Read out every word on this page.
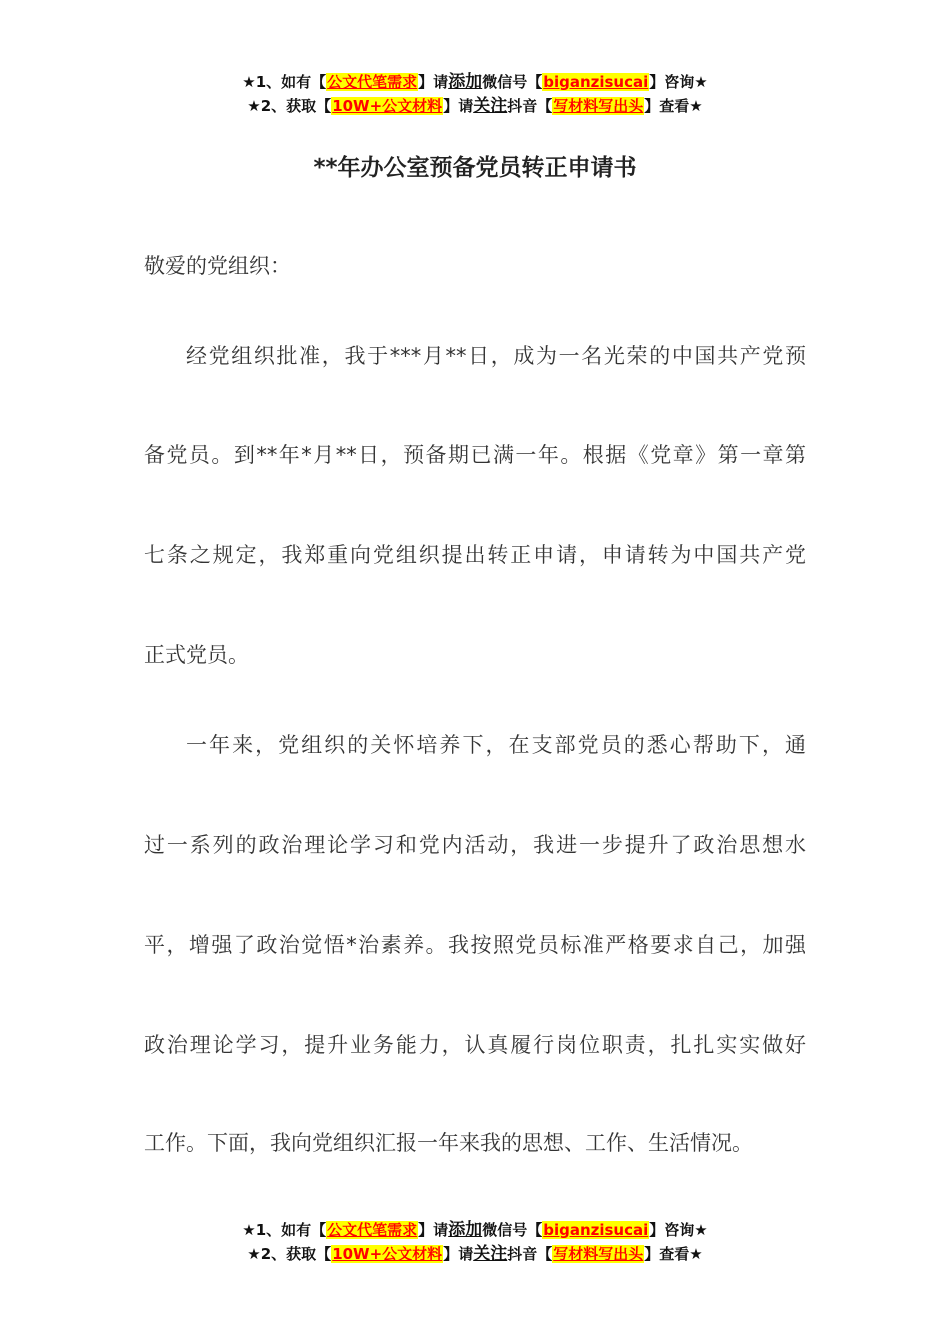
★1、如有【公文代笔需求】请添加微信号【biganzisucai】咨询★
★2、获取【10W+公文材料】请关注抖音【写材料写出头】查看★
**年办公室预备党员转正申请书
敬爱的党组织：
经党组织批准，我于***月**日，成为一名光荣的中国共产党预
备党员。到**年*月**日，预备期已满一年。根据《党章》第一章第
七条之规定，我郑重向党组织提出转正申请，申请转为中国共产党
正式党员。
一年来，党组织的关怀培养下，在支部党员的悉心帮助下，通
过一系列的政治理论学习和党内活动，我进一步提升了政治思想水
平，增强了政治觉悟*治素养。我按照党员标准严格要求自己，加强
政治理论学习，提升业务能力，认真履行岗位职责，扎扎实实做好
工作。下面，我向党组织汇报一年来我的思想、工作、生活情况。
★1、如有【公文代笔需求】请添加微信号【biganzisucai】咨询★
★2、获取【10W+公文材料】请关注抖音【写材料写出头】查看★
